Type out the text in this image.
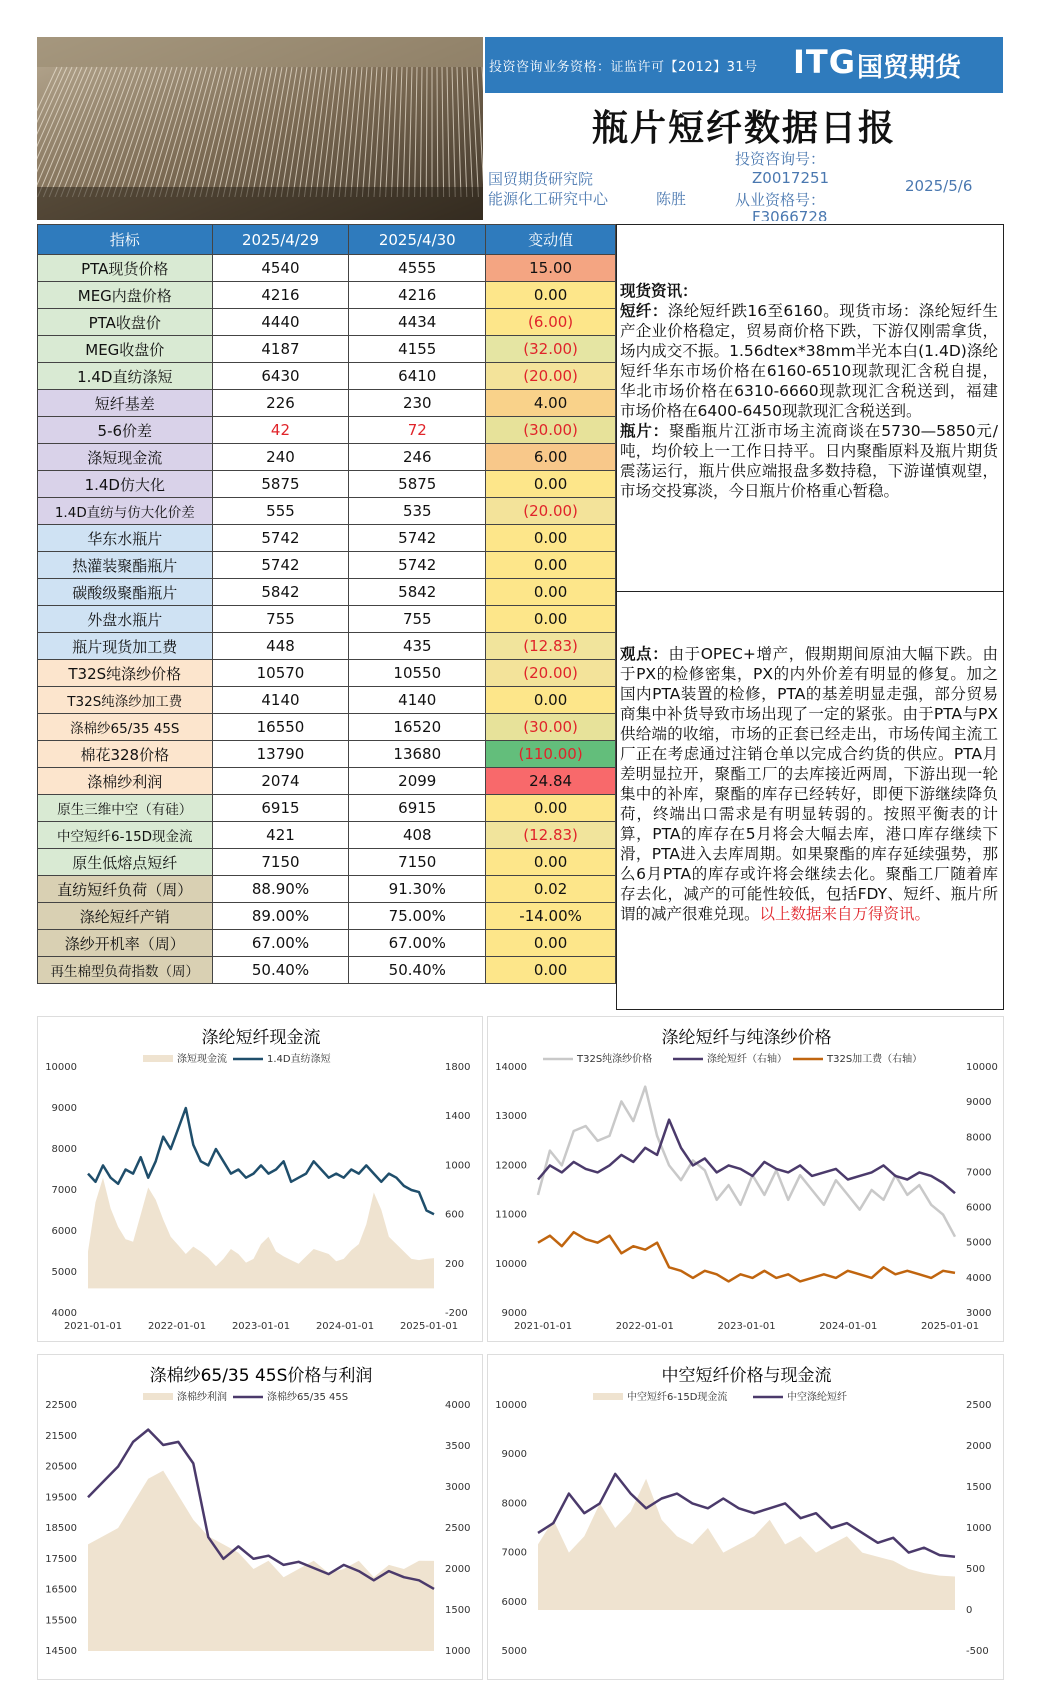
投资咨询业务资格：证监许可【2012】31号 ITG 国贸期货
瓶片短纤数据日报
国贸期货研究院
能源化工研究中心	陈胜
投资咨询号：
Z0017251
从业资格号：
F3066728
2025/5/6
指标	2025/4/29	2025/4/30	变动值
PTA现货价格	4540	4555	15.00
MEG内盘价格	4216	4216	0.00
PTA收盘价	4440	4434	(6.00)
MEG收盘价	4187	4155	(32.00)
1.4D直纺涤短	6430	6410	(20.00)
短纤基差	226	230	4.00
5-6价差	42	72	(30.00)
涤短现金流	240	246	6.00
1.4D仿大化	5875	5875	0.00
1.4D直纺与仿大化价差	555	535	(20.00)
华东水瓶片	5742	5742	0.00
热灌装聚酯瓶片	5742	5742	0.00
碳酸级聚酯瓶片	5842	5842	0.00
外盘水瓶片	755	755	0.00
瓶片现货加工费	448	435	(12.83)
T32S纯涤纱价格	10570	10550	(20.00)
T32S纯涤纱加工费	4140	4140	0.00
涤棉纱65/35 45S	16550	16520	(30.00)
棉花328价格	13790	13680	(110.00)
涤棉纱利润	2074	2099	24.84
原生三维中空（有硅）	6915	6915	0.00
中空短纤6-15D现金流	421	408	(12.83)
原生低熔点短纤	7150	7150	0.00
直纺短纤负荷（周）	88.90%	91.30%	0.02
涤纶短纤产销	89.00%	75.00%	-14.00%
涤纱开机率（周）	67.00%	67.00%	0.00
再生棉型负荷指数（周）	50.40%	50.40%	0.00
现货资讯：
短纤：涤纶短纤跌16至6160。现货市场：涤纶短纤生产企业价格稳定，贸易商价格下跌，下游仅刚需拿货，场内成交不振。1.56dtex*38mm半光本白(1.4D)涤纶短纤华东市场价格在6160-6510现款现汇含税自提，华北市场价格在6310-6660现款现汇含税送到，福建市场价格在6400-6450现款现汇含税送到。
瓶片：聚酯瓶片江浙市场主流商谈在5730—5850元/吨，均价较上一工作日持平。日内聚酯原料及瓶片期货震荡运行，瓶片供应端报盘多数持稳，下游谨慎观望，市场交投寡淡，今日瓶片价格重心暂稳。
观点：由于OPEC+增产，假期期间原油大幅下跌。由于PX的检修密集，PX的内外价差有明显的修复。加之国内PTA装置的检修，PTA的基差明显走强，部分贸易商集中补货导致市场出现了一定的紧张。由于PTA与PX供给端的收缩，市场的正套已经走出，市场传闻主流工厂正在考虑通过注销仓单以完成合约货的供应。PTA月差明显拉开，聚酯工厂的去库接近两周，下游出现一轮集中的补库，聚酯的库存已经转好，即便下游继续降负荷，终端出口需求是有明显转弱的。按照平衡表的计算，PTA的库存在5月将会大幅去库，港口库存继续下滑，PTA进入去库周期。如果聚酯的库存延续强势，那么6月PTA的库存或许将会继续去化。聚酯工厂随着库存去化，减产的可能性较低，包括FDY、短纤、瓶片所谓的减产很难兑现。以上数据来自万得资讯。
涤纶短纤现金流
4000
5000
6000
7000
8000
9000
10000
-200
200
600
1000
1400
1800
2021-01-01	2022-01-01	2023-01-01	2024-01-01	2025-01-01
涤短现金流	1.4D直纺涤短
涤纶短纤与纯涤纱价格
9000
10000
11000
12000
13000
14000
3000
4000
5000
6000
7000
8000
9000
10000
2021-01-01	2022-01-01	2023-01-01	2024-01-01	2025-01-01
T32S纯涤纱价格	涤纶短纤（右轴）	T32S加工费（右轴）
涤棉纱65/35 45S价格与利润
14500
15500
16500
17500
18500
19500
20500
21500
22500
1000
1500
2000
2500
3000
3500
4000
涤棉纱利润	涤棉纱65/35 45S
中空短纤价格与现金流
5000
6000
7000
8000
9000
10000
-500
0
500
1000
1500
2000
2500
中空短纤6-15D现金流	中空涤纶短纤
